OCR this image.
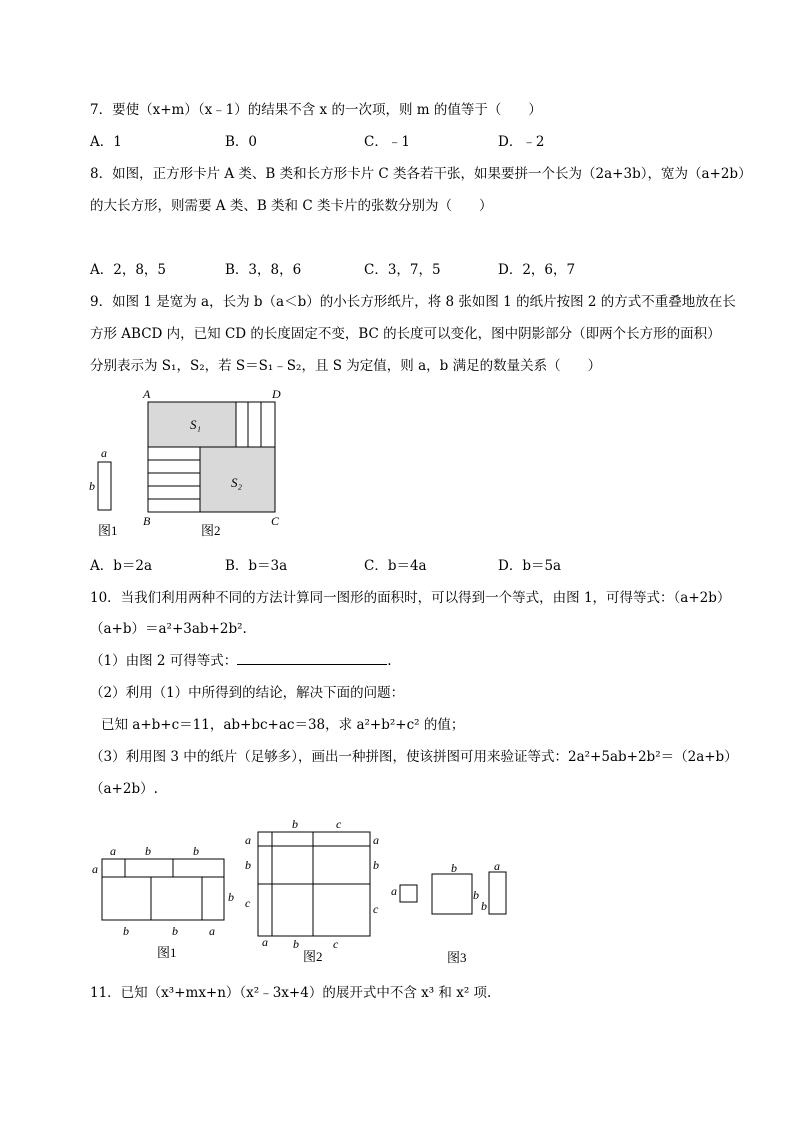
7．要使（x+m）（x﹣1）的结果不含 x 的一次项，则 m 的值等于（　　）
A．1	B．0	C．﹣1	D．﹣2
8．如图，正方形卡片 A 类、B 类和长方形卡片 C 类各若干张，如果要拼一个长为（2a+3b），宽为（a+2b）
的大长方形，则需要 A 类、B 类和 C 类卡片的张数分别为（　　）
A．2，8，5	B．3，8，6	C．3，7，5	D．2，6，7
9．如图 1 是宽为 a，长为 b（a＜b）的小长方形纸片，将 8 张如图 1 的纸片按图 2 的方式不重叠地放在长
方形 ABCD 内，已知 CD 的长度固定不变，BC 的长度可以变化，图中阴影部分（即两个长方形的面积）
分别表示为 S₁，S₂，若 S＝S₁﹣S₂，且 S 为定值，则 a，b 满足的数量关系（　　）
a
b
图1
A	D
S₁
S₂
B	C
图2
A．b＝2a	B．b＝3a	C．b＝4a	D．b＝5a
10．当我们利用两种不同的方法计算同一图形的面积时，可以得到一个等式，由图 1，可得等式：（a+2b）
（a+b）＝a²+3ab+2b².
（1）由图 2 可得等式：	.
（2）利用（1）中所得到的结论，解决下面的问题：
已知 a+b+c＝11，ab+bc+ac＝38，求 a²+b²+c² 的值；
（3）利用图 3 中的纸片（足够多），画出一种拼图，使该拼图可用来验证等式：2a²+5ab+2b²＝（2a+b）
（a+2b）.
a b	b
a
b
b	b	a
图1
b	c
a
b
c
a
b
c
a b	c
图2
a
b
b
a
b
图3
11．已知（x³+mx+n）（x²﹣3x+4）的展开式中不含 x³ 和 x² 项.
